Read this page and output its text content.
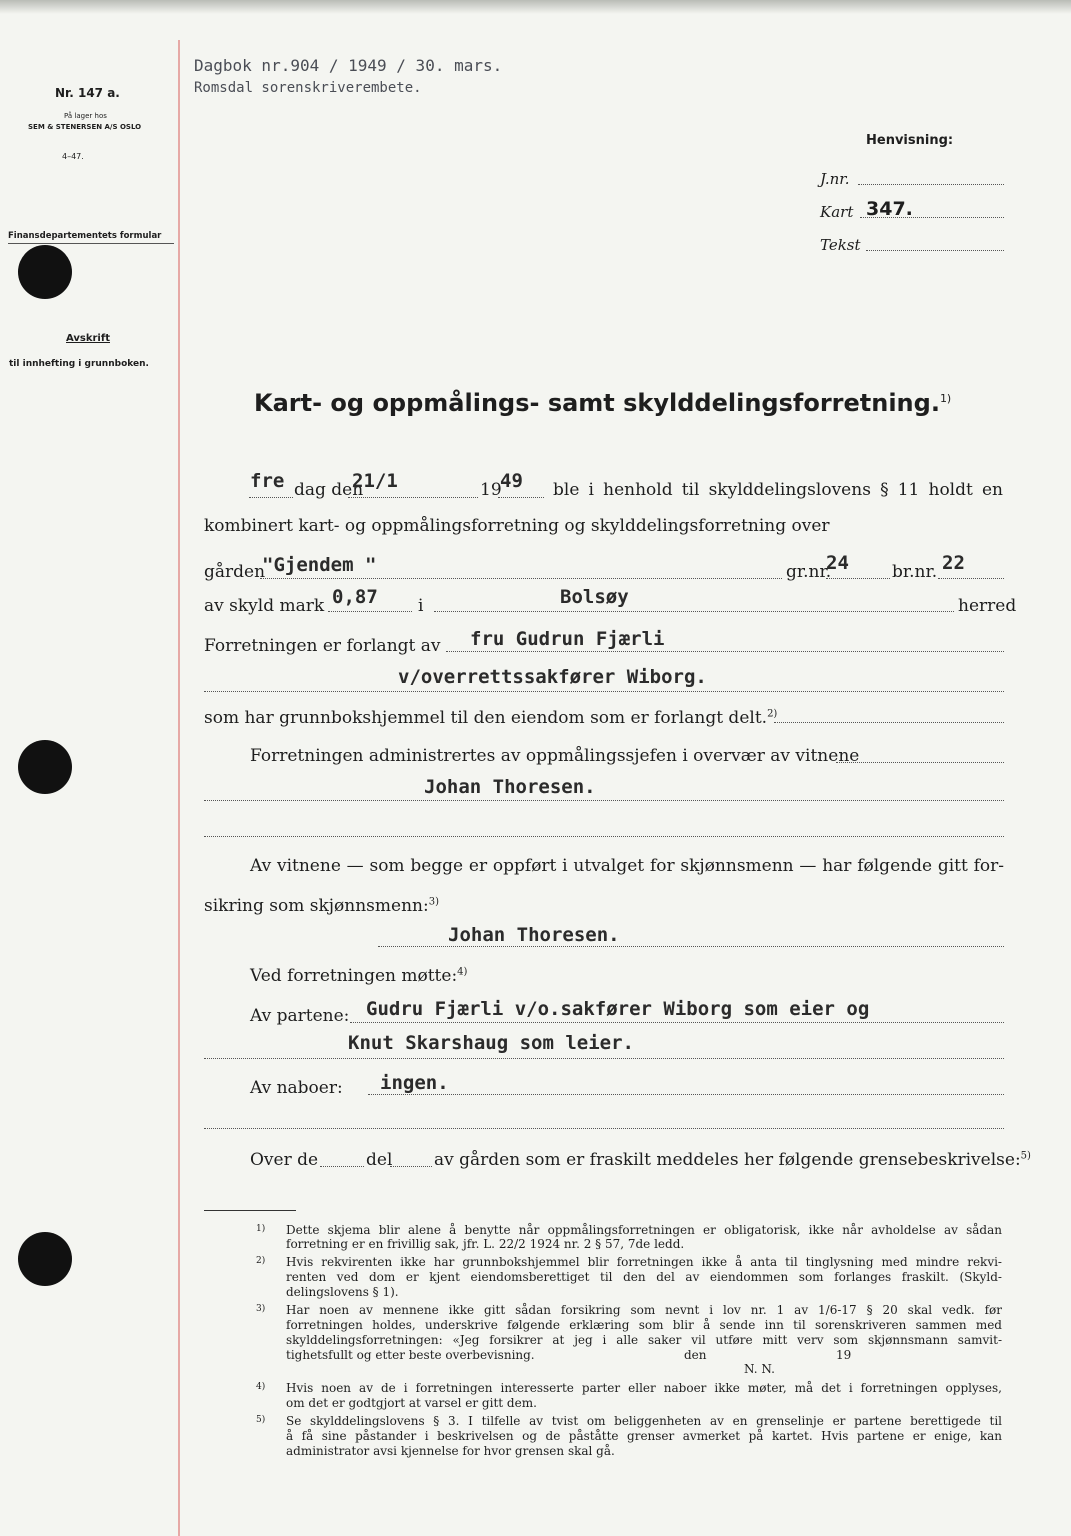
Nr. 147 a.
På lager hos
SEM & STENERSEN A/S OSLO
4–47.
Finansdepartementets formular
Avskrift
til innhefting i grunnboken.
Dagbok nr.904 / 1949 / 30. mars.
Romsdal sorenskriverembete.
Henvisning:
J.nr.
Kart 347.
Tekst
Kart- og oppmålings- samt skylddelingsforretning.$^{1)}$
fre dag den
21/1	19
49 ble i henhold til skylddelingslovens § 11 holdt en
kombinert kart- og oppmålingsforretning og skylddelingsforretning over
gården
"Gjendem "	gr.nr.
24	br.nr. 22
av skyld mark 0,87 i	Bolsøy	herred
Forretningen er forlangt av fru Gudrun Fjærli
v/overrettssakfører Wiborg.
som har grunnbokshjemmel til den eiendom som er forlangt delt.$^{2)}$
Forretningen administrertes av oppmålingssjefen i overvær av vitnene
Johan Thoresen.
Av vitnene — som begge er oppført i utvalget for skjønnsmenn — har følgende gitt for-
sikring som skjønnsmenn:$^{3)}$
Johan Thoresen.
Ved forretningen møtte:$^{4)}$
Av partene: Gudru Fjærli v/o.sakfører Wiborg som eier og
Knut Skarshaug som leier.
Av naboer: ingen.
Over de	del av gården som er fraskilt meddeles her følgende grensebeskrivelse:$^{5)}$
1) Dette skjema blir alene å benytte når oppmålingsforretningen er obligatorisk, ikke når avholdelse av sådan
forretning er en frivillig sak, jfr. L. 22/2 1924 nr. 2 § 57, 7de ledd.
2) Hvis rekvirenten ikke har grunnbokshjemmel blir forretningen ikke å anta til tinglysning med mindre rekvi-
renten ved dom er kjent eiendomsberettiget til den del av eiendommen som forlanges fraskilt. (Skyld-
delingslovens § 1).
3) Har noen av mennene ikke gitt sådan forsikring som nevnt i lov nr. 1 av 1/6-17 § 20 skal vedk. før
forretningen holdes, underskrive følgende erklæring som blir å sende inn til sorenskriveren sammen med
skylddelingsforretningen: «Jeg forsikrer at jeg i alle saker vil utføre mitt verv som skjønnsmann samvit-
tighetsfullt og etter beste overbevisning.	den	19
N. N.
4) Hvis noen av de i forretningen interesserte parter eller naboer ikke møter, må det i forretningen opplyses,
om det er godtgjort at varsel er gitt dem.
5) Se skylddelingslovens § 3. I tilfelle av tvist om beliggenheten av en grenselinje er partene berettigede til
å få sine påstander i beskrivelsen og de påståtte grenser avmerket på kartet. Hvis partene er enige, kan
administrator avsi kjennelse for hvor grensen skal gå.
